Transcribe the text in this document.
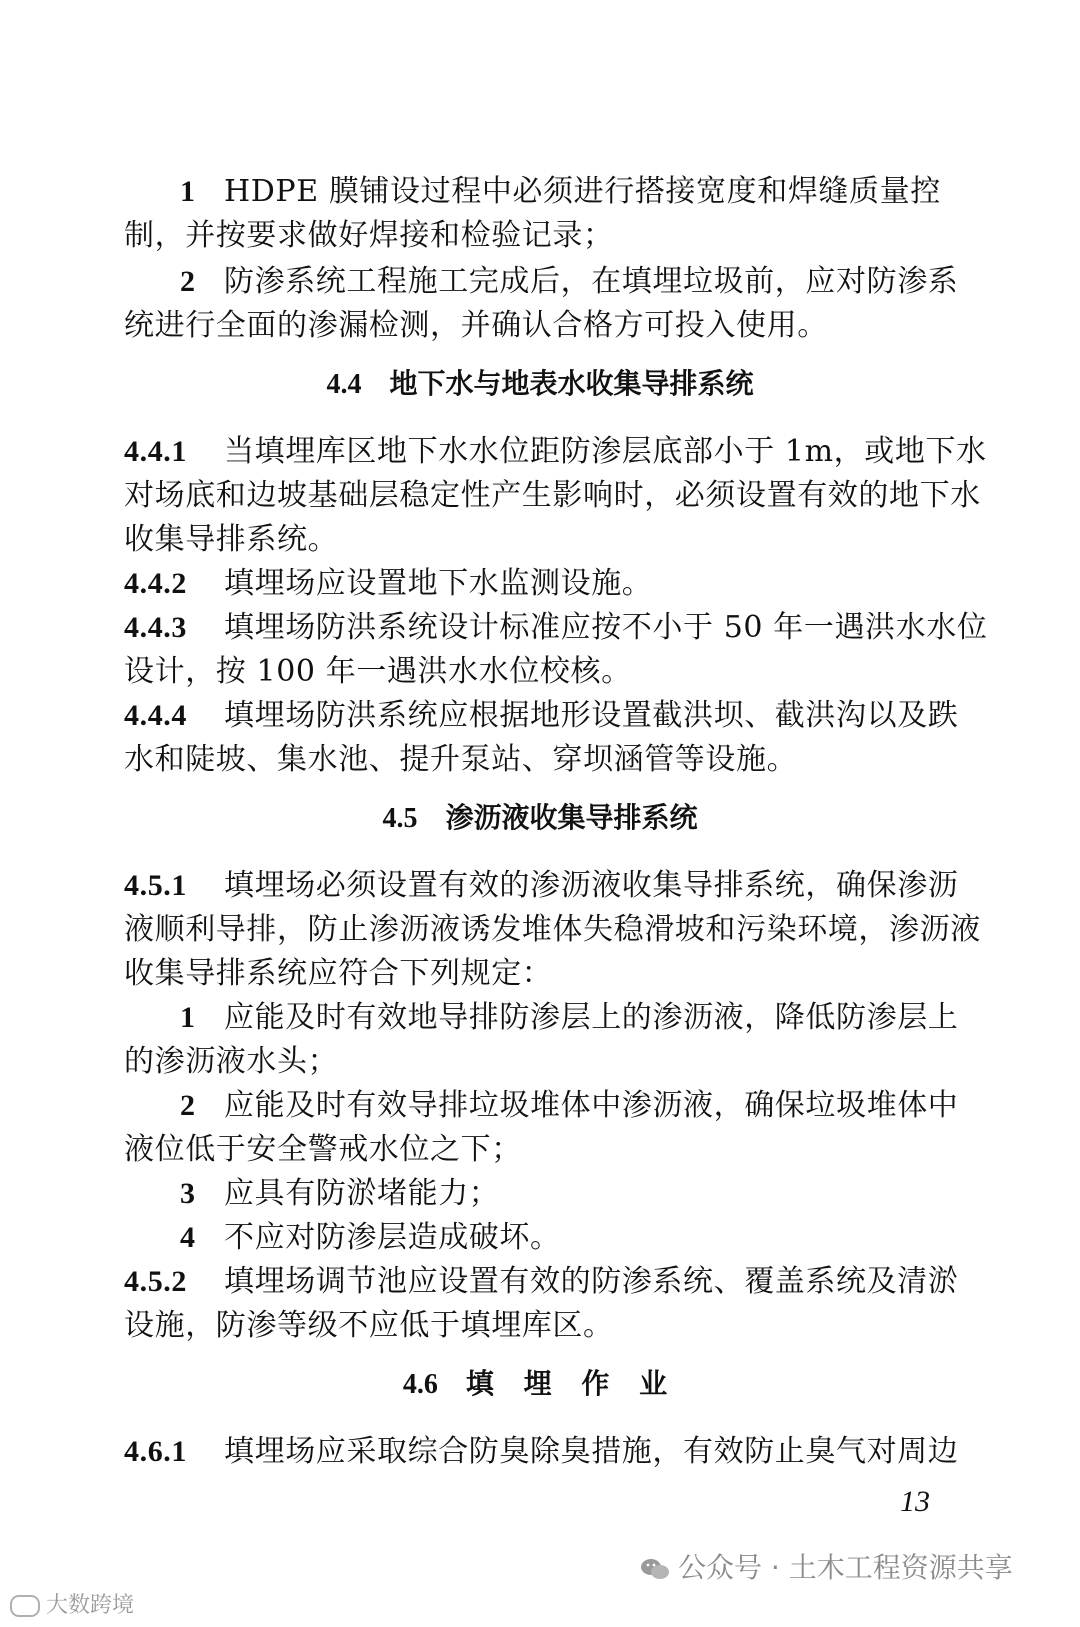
1 HDPE 膜铺设过程中必须进行搭接宽度和焊缝质量控
制，并按要求做好焊接和检验记录；
2 防渗系统工程施工完成后，在填埋垃圾前，应对防渗系
统进行全面的渗漏检测，并确认合格方可投入使用。
4.4 地下水与地表水收集导排系统
4.4.1 当填埋库区地下水水位距防渗层底部小于 1m，或地下水
对场底和边坡基础层稳定性产生影响时，必须设置有效的地下水
收集导排系统。
4.4.2 填埋场应设置地下水监测设施。
4.4.3 填埋场防洪系统设计标准应按不小于 50 年一遇洪水水位
设计，按 100 年一遇洪水水位校核。
4.4.4 填埋场防洪系统应根据地形设置截洪坝、截洪沟以及跌
水和陡坡、集水池、提升泵站、穿坝涵管等设施。
4.5 渗沥液收集导排系统
4.5.1 填埋场必须设置有效的渗沥液收集导排系统，确保渗沥
液顺利导排，防止渗沥液诱发堆体失稳滑坡和污染环境，渗沥液
收集导排系统应符合下列规定：
1 应能及时有效地导排防渗层上的渗沥液，降低防渗层上
的渗沥液水头；
2 应能及时有效导排垃圾堆体中渗沥液，确保垃圾堆体中
液位低于安全警戒水位之下；
3 应具有防淤堵能力；
4 不应对防渗层造成破坏。
4.5.2 填埋场调节池应设置有效的防渗系统、覆盖系统及清淤
设施，防渗等级不应低于填埋库区。
4.6 填 埋 作 业
4.6.1 填埋场应采取综合防臭除臭措施，有效防止臭气对周边
13
公众号 · 土木工程资源共享
大数跨境
